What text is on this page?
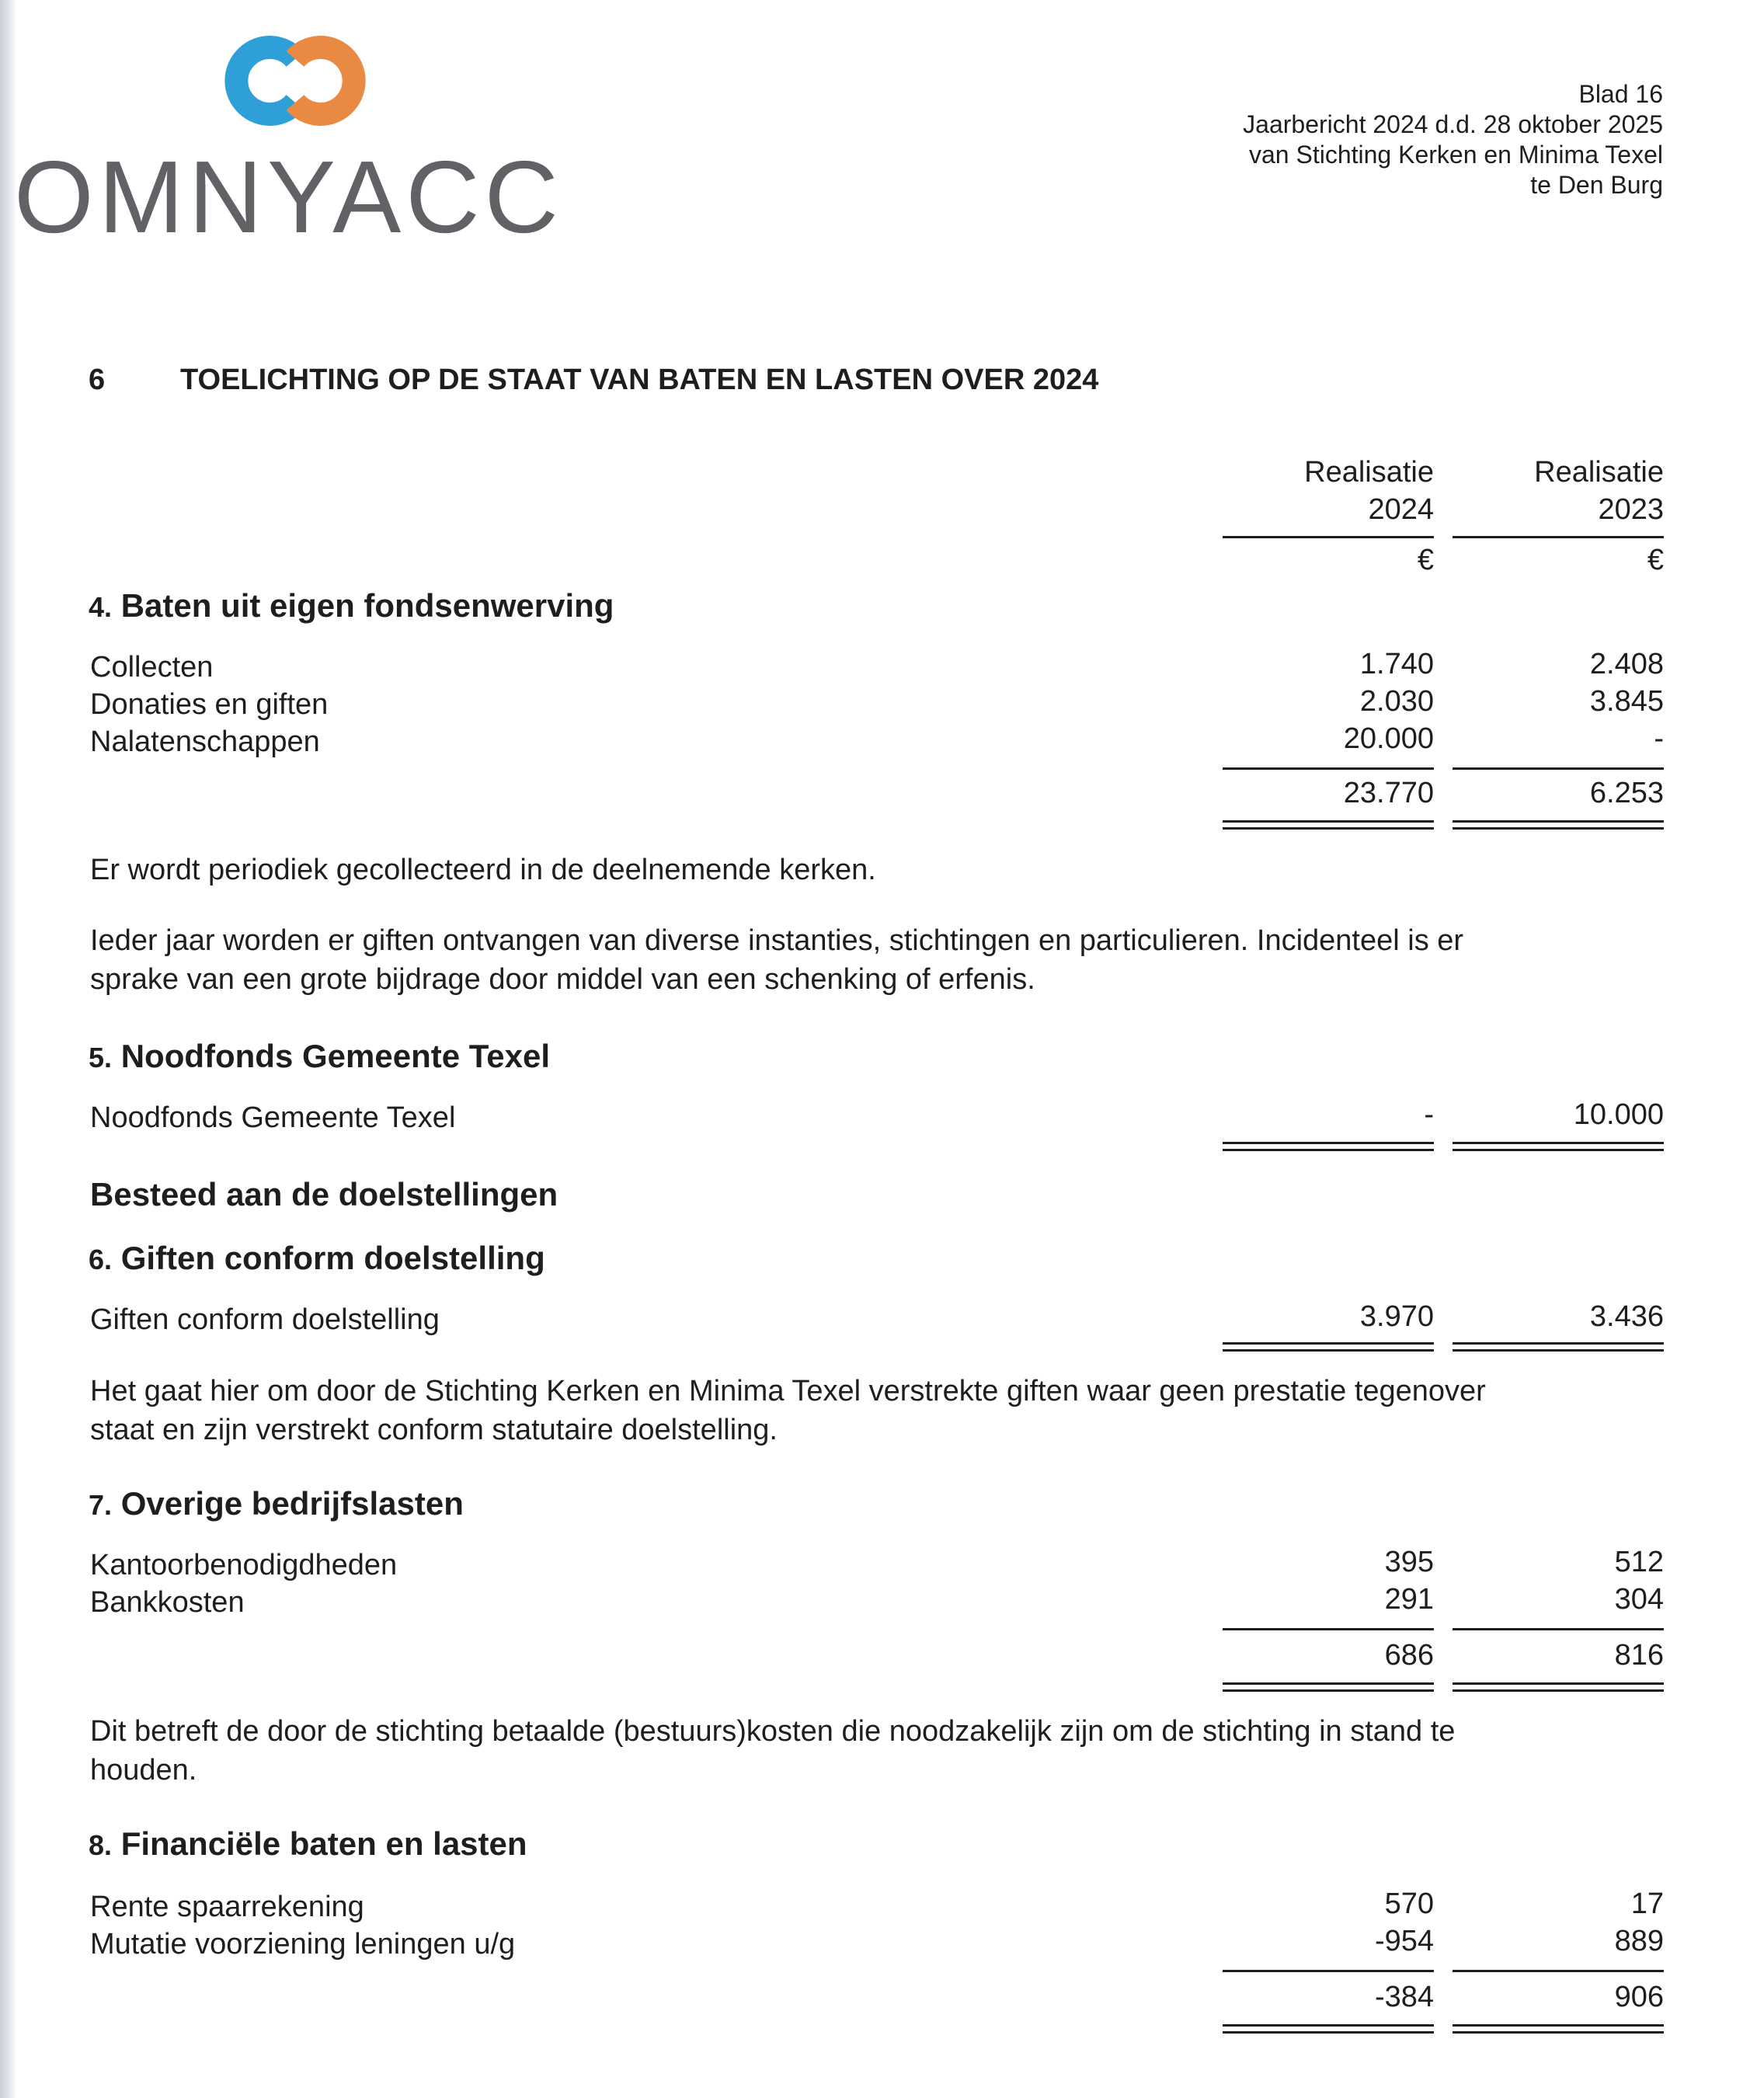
OMNYACC
Blad 16
Jaarbericht 2024 d.d. 28 oktober 2025
van Stichting Kerken en Minima Texel
te Den Burg
6	TOELICHTING OP DE STAAT VAN BATEN EN LASTEN OVER 2024
Realisatie
2024
Realisatie
2023
€	€
4. Baten uit eigen fondsenwerving
Collecten	1.740	2.408
Donaties en giften	2.030	3.845
Nalatenschappen	20.000	-
23.770	6.253
Er wordt periodiek gecollecteerd in de deelnemende kerken.
Ieder jaar worden er giften ontvangen van diverse instanties, stichtingen en particulieren. Incidenteel is er
sprake van een grote bijdrage door middel van een schenking of erfenis.
5. Noodfonds Gemeente Texel
Noodfonds Gemeente Texel	-	10.000
Besteed aan de doelstellingen
6. Giften conform doelstelling
Giften conform doelstelling	3.970	3.436
Het gaat hier om door de Stichting Kerken en Minima Texel verstrekte giften waar geen prestatie tegenover
staat en zijn verstrekt conform statutaire doelstelling.
7. Overige bedrijfslasten
Kantoorbenodigdheden	395	512
Bankkosten	291	304
686	816
Dit betreft de door de stichting betaalde (bestuurs)kosten die noodzakelijk zijn om de stichting in stand te
houden.
8. Financiële baten en lasten
Rente spaarrekening	570	17
Mutatie voorziening leningen u/g	-954	889
-384	906
